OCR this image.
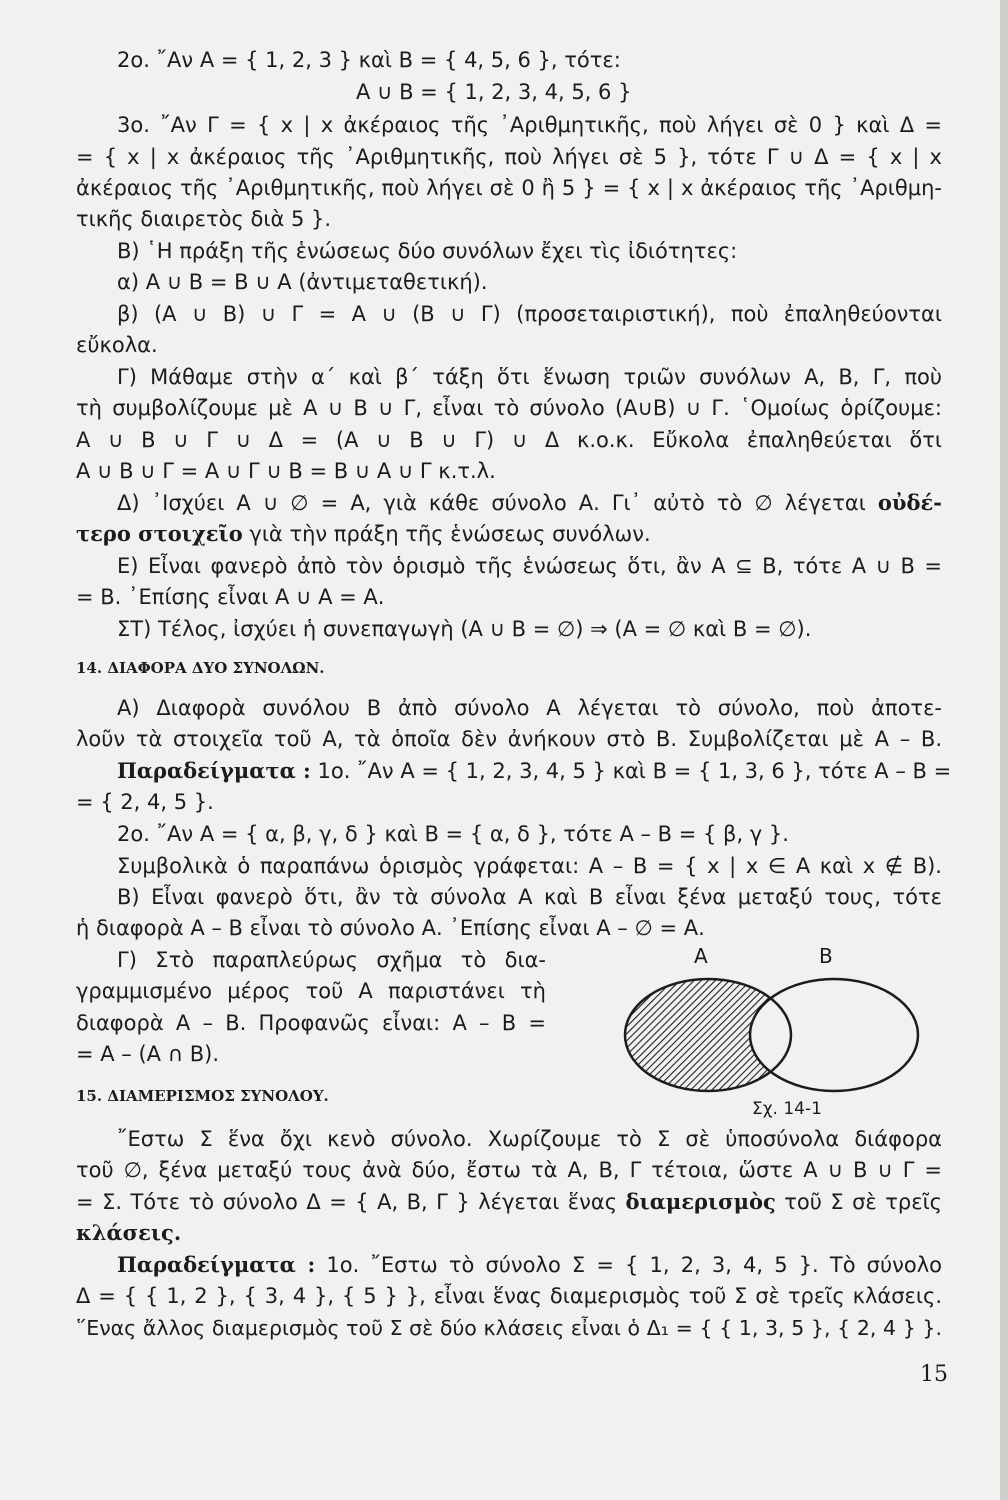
2ο. ῎Αν Α = { 1, 2, 3 } καὶ Β = { 4, 5, 6 }, τότε:
Α ∪ Β = { 1, 2, 3, 4, 5, 6 }
3ο. ῎Αν Γ = { x | x ἀκέραιος τῆς ᾿Αριθμητικῆς, ποὺ λήγει σὲ 0 } καὶ Δ =
= { x | x ἀκέραιος τῆς ᾿Αριθμητικῆς, ποὺ λήγει σὲ 5 }, τότε Γ ∪ Δ = { x | x
ἀκέραιος τῆς ᾿Αριθμητικῆς, ποὺ λήγει σὲ 0 ἢ 5 } = { x | x ἀκέραιος τῆς ᾿Αριθμη-
τικῆς διαιρετὸς διὰ 5 }.
Β) ῾Η πράξη τῆς ἑνώσεως δύο συνόλων ἔχει τὶς ἰδιότητες:
α) Α ∪ Β = Β ∪ Α (ἀντιμεταθετική).
β) (Α ∪ Β) ∪ Γ = Α ∪ (Β ∪ Γ) (προσεταιριστική), ποὺ ἐπαληθεύονται
εὔκολα.
Γ) Μάθαμε στὴν α΄ καὶ β΄ τάξη ὅτι ἕνωση τριῶν συνόλων Α, Β, Γ, ποὺ
τὴ συμβολίζουμε μὲ Α ∪ Β ∪ Γ, εἶναι τὸ σύνολο (Α∪Β) ∪ Γ. ῾Ομοίως ὁρίζουμε:
Α ∪ Β ∪ Γ ∪ Δ = (Α ∪ Β ∪ Γ) ∪ Δ κ.ο.κ. Εὔκολα ἐπαληθεύεται ὅτι
Α ∪ Β ∪ Γ = Α ∪ Γ ∪ Β = Β ∪ Α ∪ Γ κ.τ.λ.
Δ) ᾿Ισχύει Α ∪ ∅ = Α, γιὰ κάθε σύνολο Α. Γι᾿ αὐτὸ τὸ ∅ λέγεται οὐδέ-
τερο στοιχεῖο γιὰ τὴν πράξη τῆς ἑνώσεως συνόλων.
Ε) Εἶναι φανερὸ ἀπὸ τὸν ὁρισμὸ τῆς ἑνώσεως ὅτι, ἂν Α ⊆ Β, τότε Α ∪ Β =
= Β. ᾿Επίσης εἶναι Α ∪ Α = Α.
ΣΤ) Τέλος, ἰσχύει ἡ συνεπαγωγὴ (Α ∪ Β = ∅) ⇒ (Α = ∅ καὶ Β = ∅).
14. ΔΙΑΦΟΡΑ ΔΥΟ ΣΥΝΟΛΩΝ.
Α) Διαφορὰ συνόλου Β ἀπὸ σύνολο Α λέγεται τὸ σύνολο, ποὺ ἀποτε-
λοῦν τὰ στοιχεῖα τοῦ Α, τὰ ὁποῖα δὲν ἀνήκουν στὸ Β. Συμβολίζεται μὲ Α – Β.
Παραδείγματα : 1ο. ῎Αν Α = { 1, 2, 3, 4, 5 } καὶ Β = { 1, 3, 6 }, τότε Α – Β =
= { 2, 4, 5 }.
2ο. ῎Αν Α = { α, β, γ, δ } καὶ Β = { α, δ }, τότε Α – Β = { β, γ }.
Συμβολικὰ ὁ παραπάνω ὁρισμὸς γράφεται: Α – Β = { x | x ∈ Α καὶ x ∉ Β).
Β) Εἶναι φανερὸ ὅτι, ἂν τὰ σύνολα Α καὶ Β εἶναι ξένα μεταξύ τους, τότε
ἡ διαφορὰ Α – Β εἶναι τὸ σύνολο Α. ᾿Επίσης εἶναι Α – ∅ = Α.
Γ) Στὸ παραπλεύρως σχῆμα τὸ δια-
γραμμισμένο μέρος τοῦ Α παριστάνει τὴ
διαφορὰ Α – Β. Προφανῶς εἶναι: Α – Β =
= Α – (Α ∩ Β).
Α	Β
Σχ. 14-1
15. ΔΙΑΜΕΡΙΣΜΟΣ ΣΥΝΟΛΟΥ.
῎Εστω Σ ἕνα ὄχι κενὸ σύνολο. Χωρίζουμε τὸ Σ σὲ ὑποσύνολα διάφορα
τοῦ ∅, ξένα μεταξύ τους ἀνὰ δύο, ἔστω τὰ Α, Β, Γ τέτοια, ὥστε Α ∪ Β ∪ Γ =
= Σ. Τότε τὸ σύνολο Δ = { Α, Β, Γ } λέγεται ἕνας διαμερισμὸς τοῦ Σ σὲ τρεῖς
κλάσεις.
Παραδείγματα : 1ο. ῎Εστω τὸ σύνολο Σ = { 1, 2, 3, 4, 5 }. Τὸ σύνολο
Δ = { { 1, 2 }, { 3, 4 }, { 5 } }, εἶναι ἕνας διαμερισμὸς τοῦ Σ σὲ τρεῖς κλάσεις.
῞Ενας ἄλλος διαμερισμὸς τοῦ Σ σὲ δύο κλάσεις εἶναι ὁ Δ₁ = { { 1, 3, 5 }, { 2, 4 } }.
15
